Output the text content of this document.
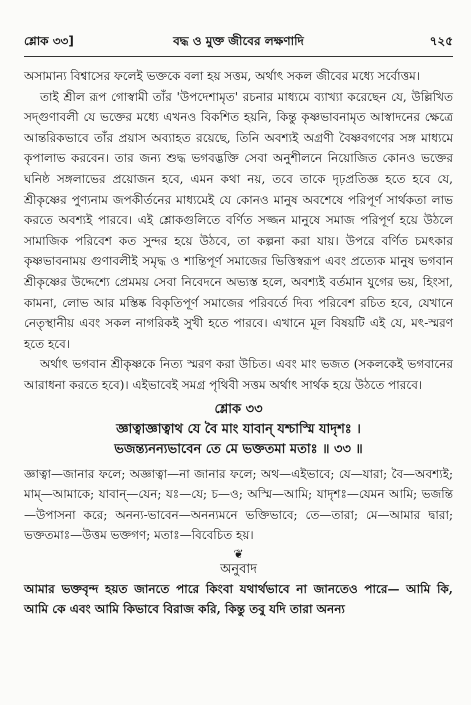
শ্লোক ৩৩]	বদ্ধ ও মুক্ত জীবের লক্ষণাদি	৭২৫

অসামান্য বিশ্বাসের ফলেই ভক্তকে বলা হয় সত্তম, অর্থাৎ সকল জীবের মধ্যে সর্বোত্তম।

তাই শ্রীল রূপ গোস্বামী তাঁর 'উপদেশামৃত' রচনার মাধ্যমে ব্যাখ্যা করেছেন যে, উল্লিখিত সদ্‌গুণাবলী যে ভক্তের মধ্যে এখনও বিকশিত হয়নি, কিন্তু কৃষ্ণভাবনামৃত আস্বাদনের ক্ষেত্রে আন্তরিকভাবে তাঁর প্রয়াস অব্যাহত রয়েছে, তিনি অবশ্যই অগ্রণী বৈষ্ণবগণের সঙ্গ মাধ্যমে কৃপালাভ করবেন। তার জন্য শুদ্ধ ভগবদ্ভক্তি সেবা অনুশীলনে নিয়োজিত কোনও ভক্তের ঘনিষ্ঠ সঙ্গলাভের প্রয়োজন হবে, এমন কথা নয়, তবে তাকে দৃঢ়প্রতিজ্ঞ হতে হবে যে, শ্রীকৃষ্ণের পুণ্যনাম জপকীর্তনের মাধ্যমেই যে কোনও মানুষ অবশেষে পরিপূর্ণ সার্থকতা লাভ করতে অবশ্যই পারবে। এই শ্লোকগুলিতে বর্ণিত সজ্জন মানুষে সমাজ পরিপূর্ণ হয়ে উঠলে সামাজিক পরিবেশ কত সুন্দর হয়ে উঠবে, তা কল্পনা করা যায়। উপরে বর্ণিত চমৎকার কৃষ্ণভাবনাময় গুণাবলীই সমৃদ্ধ ও শান্তিপূর্ণ সমাজের ভিত্তিস্বরূপ এবং প্রত্যেক মানুষ ভগবান শ্রীকৃষ্ণের উদ্দেশ্যে প্রেমময় সেবা নিবেদনে অভ্যস্ত হলে, অবশ্যই বর্তমান যুগের ভয়, হিংসা, কামনা, লোভ আর মস্তিষ্ক বিকৃতিপূর্ণ সমাজের পরিবর্তে দিব্য পরিবেশ রচিত হবে, যেখানে নেতৃস্থানীয় এবং সকল নাগরিকই সুখী হতে পারবে। এখানে মূল বিষয়টি এই যে, মৎ-স্মরণ হতে হবে।

অর্থাৎ ভগবান শ্রীকৃষ্ণকে নিত্য স্মরণ করা উচিত। এবং মাং ভজত (সকলকেই ভগবানের আরাধনা করতে হবে)। এইভাবেই সমগ্র পৃথিবী সত্তম অর্থাৎ সার্থক হয়ে উঠতে পারবে।

শ্লোক ৩৩
জ্ঞাত্বাজ্ঞাত্বাথ যে বৈ মাং যাবান্‌ যশ্চাস্মি যাদৃশঃ ।
ভজন্ত্যনন্যভাবেন তে মে ভক্ততমা মতাঃ ॥ ৩৩ ॥

জ্ঞাত্বা—জানার ফলে; অজ্ঞাত্বা—না জানার ফলে; অথ—এইভাবে; যে—যারা; বৈ—অবশ্যই; মাম্‌—আমাকে; যাবান্‌—যেন; যঃ—যে; চ—ও; অস্মি—আমি; যাদৃশঃ—যেমন আমি; ভজন্তি—উপাসনা করে; অনন্য-ভাবেন—অনন্যমনে ভক্তিভাবে; তে—তারা; মে—আমার দ্বারা; ভক্ততমাঃ—উত্তম ভক্তগণ; মতাঃ—বিবেচিত হয়।

❦
অনুবাদ

আমার ভক্তবৃন্দ হয়ত জানতে পারে কিংবা যথার্থভাবে না জানতেও পারে— আমি কি, আমি কে এবং আমি কিভাবে বিরাজ করি, কিন্তু তবু যদি তারা অনন্য
